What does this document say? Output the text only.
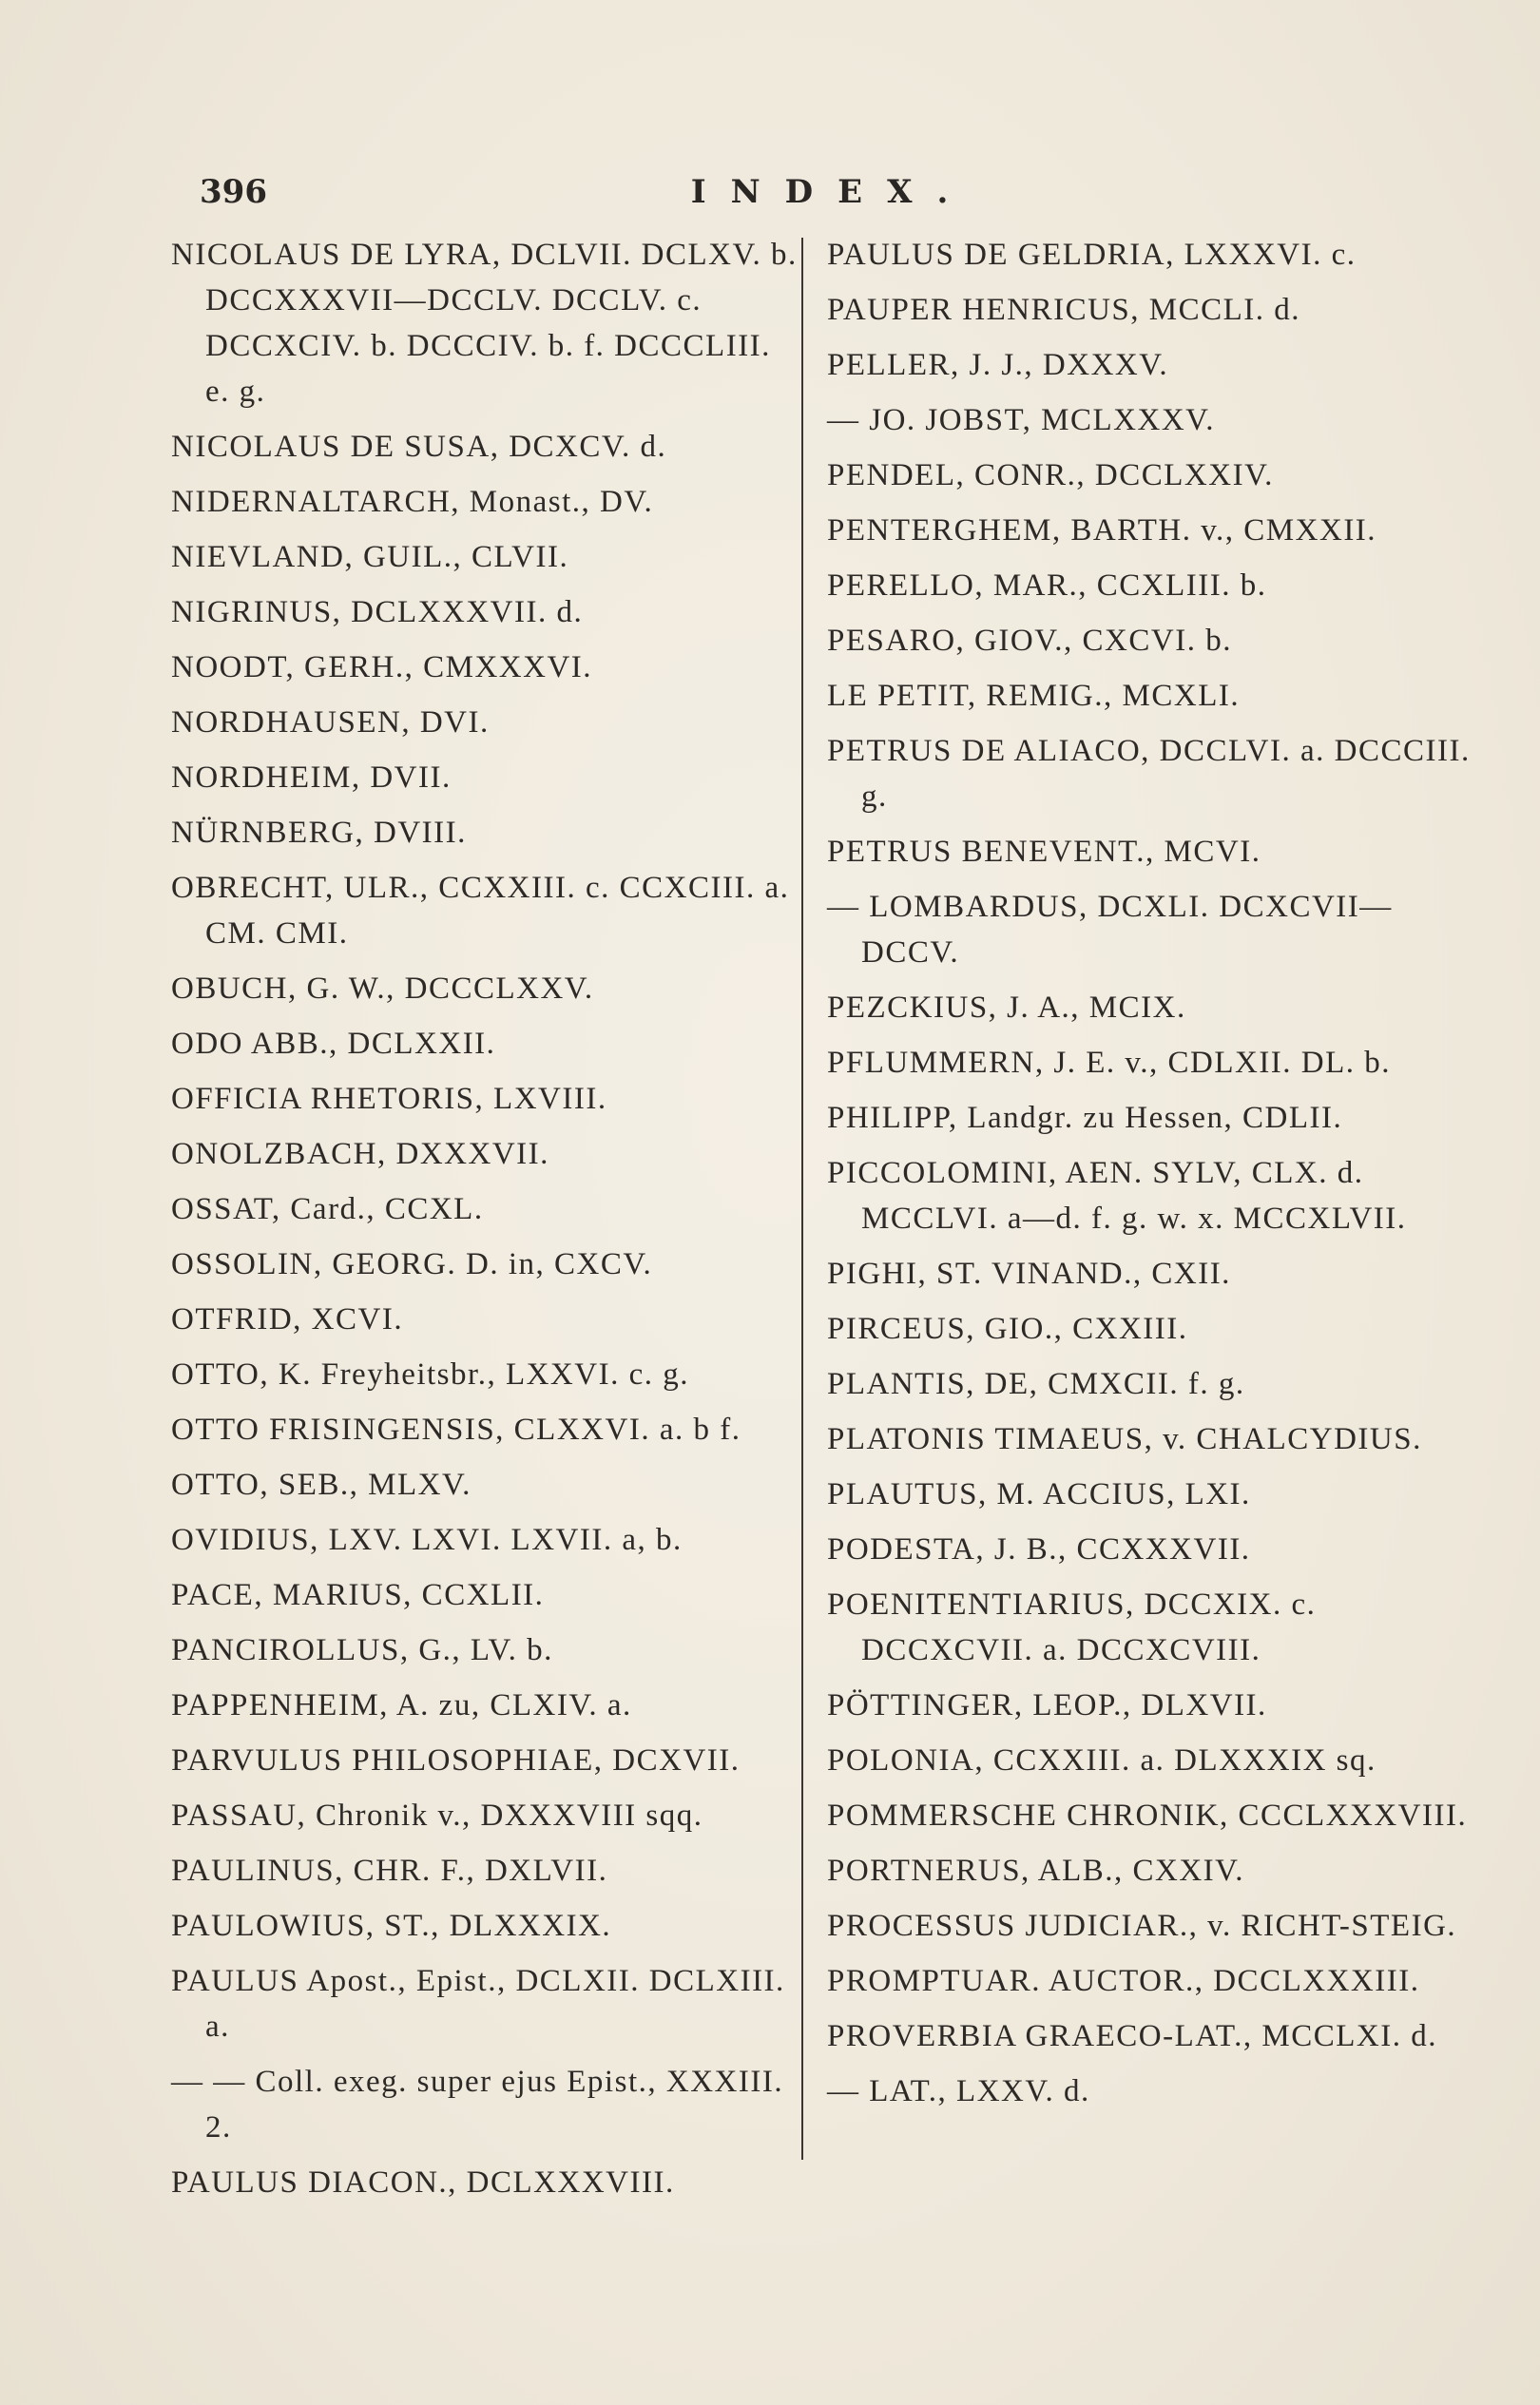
396	INDEX.
NICOLAUS DE LYRA, DCLVII. DCLXV. b. DCCXXXVII—DCCLV. DCCLV. c. DCCXCIV. b. DCCCIV. b. f. DCCCLIII. e. g.
NICOLAUS DE SUSA, DCXCV. d.
NIDERNALTARCH, Monast., DV.
NIEVLAND, GUIL., CLVII.
NIGRINUS, DCLXXXVII. d.
NOODT, GERH., CMXXXVI.
NORDHAUSEN, DVI.
NORDHEIM, DVII.
NÜRNBERG, DVIII.
OBRECHT, ULR., CCXXIII. c. CCXCIII. a. CM. CMI.
OBUCH, G. W., DCCCLXXV.
ODO ABB., DCLXXII.
OFFICIA RHETORIS, LXVIII.
ONOLZBACH, DXXXVII.
OSSAT, Card., CCXL.
OSSOLIN, GEORG. D. in, CXCV.
OTFRID, XCVI.
OTTO, K. Freyheitsbr., LXXVI. c. g.
OTTO FRISINGENSIS, CLXXVI. a. b f.
OTTO, SEB., MLXV.
OVIDIUS, LXV. LXVI. LXVII. a, b.
PACE, MARIUS, CCXLII.
PANCIROLLUS, G., LV. b.
PAPPENHEIM, A. zu, CLXIV. a.
PARVULUS PHILOSOPHIAE, DCXVII.
PASSAU, Chronik v., DXXXVIII sqq.
PAULINUS, CHR. F., DXLVII.
PAULOWIUS, ST., DLXXXIX.
PAULUS Apost., Epist., DCLXII. DCLXIII. a.
— — Coll. exeg. super ejus Epist., XXXIII. 2.
PAULUS DIACON., DCLXXXVIII.
PAULUS DE GELDRIA, LXXXVI. c.
PAUPER HENRICUS, MCCLI. d.
PELLER, J. J., DXXXV.
— JO. JOBST, MCLXXXV.
PENDEL, CONR., DCCLXXIV.
PENTERGHEM, BARTH. v., CMXXII.
PERELLO, MAR., CCXLIII. b.
PESARO, GIOV., CXCVI. b.
LE PETIT, REMIG., MCXLI.
PETRUS DE ALIACO, DCCLVI. a. DCCCIII. g.
PETRUS BENEVENT., MCVI.
— LOMBARDUS, DCXLI. DCXCVII—DCCV.
PEZCKIUS, J. A., MCIX.
PFLUMMERN, J. E. v., CDLXII. DL. b.
PHILIPP, Landgr. zu Hessen, CDLII.
PICCOLOMINI, AEN. SYLV, CLX. d. MCCLVI. a—d. f. g. w. x. MCCXLVII.
PIGHI, ST. VINAND., CXII.
PIRCEUS, GIO., CXXIII.
PLANTIS, DE, CMXCII. f. g.
PLATONIS TIMAEUS, v. CHALCYDIUS.
PLAUTUS, M. ACCIUS, LXI.
PODESTA, J. B., CCXXXVII.
POENITENTIARIUS, DCCXIX. c. DCCXCVII. a. DCCXCVIII.
PÖTTINGER, LEOP., DLXVII.
POLONIA, CCXXIII. a. DLXXXIX sq.
POMMERSCHE CHRONIK, CCCLXXXVIII.
PORTNERUS, ALB., CXXIV.
PROCESSUS JUDICIAR., v. RICHT-STEIG.
PROMPTUAR. AUCTOR., DCCLXXXIII.
PROVERBIA GRAECO-LAT., MCCLXI. d.
— LAT., LXXV. d.
